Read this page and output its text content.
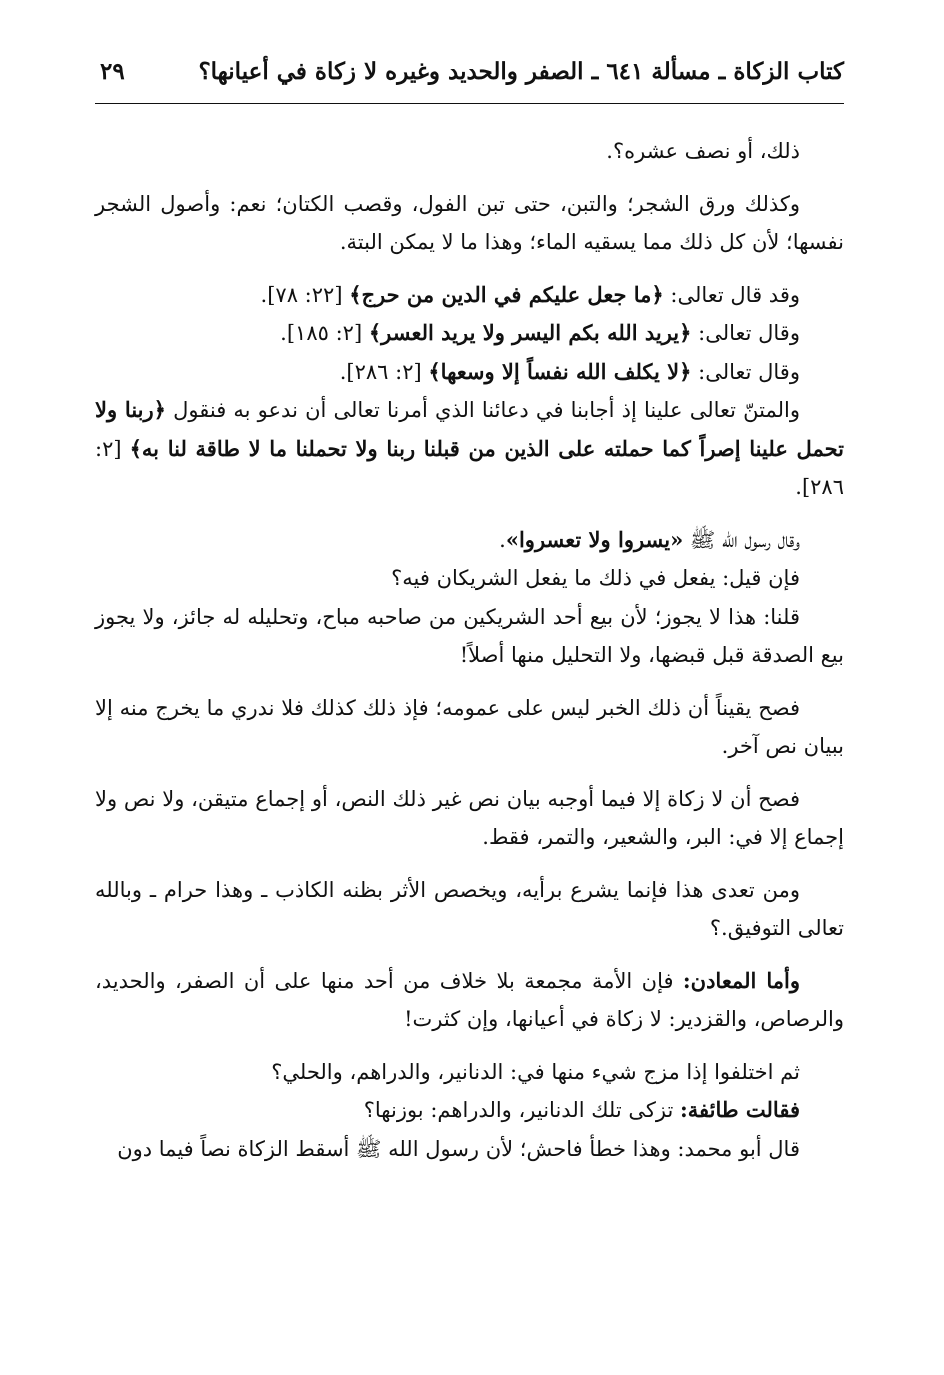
كتاب الزكاة ـ مسألة ٦٤١ ـ الصفر والحديد وغيره لا زكاة في أعيانها؟
٢٩

ذلك، أو نصف عشره؟.

وكذلك ورق الشجر؛ والتبن، حتى تبن الفول، وقصب الكتان؛ نعم: وأصول الشجر نفسها؛ لأن كل ذلك مما يسقيه الماء؛ وهذا ما لا يمكن البتة.

وقد قال تعالى: ﴿ما جعل عليكم في الدين من حرج﴾ [٢٢: ٧٨].

وقال تعالى: ﴿يريد الله بكم اليسر ولا يريد العسر﴾ [٢: ١٨٥].

وقال تعالى: ﴿لا يكلف الله نفساً إلا وسعها﴾ [٢: ٢٨٦].

والمتنّ تعالى علينا إذ أجابنا في دعائنا الذي أمرنا تعالى أن ندعو به فنقول ﴿ربنا ولا تحمل علينا إصراً كما حملته على الذين من قبلنا ربنا ولا تحملنا ما لا طاقة لنا به﴾ [٢: ٢٨٦].

وقال رسول الله ﷺ «يسروا ولا تعسروا».

فإن قيل: يفعل في ذلك ما يفعل الشريكان فيه؟

قلنا: هذا لا يجوز؛ لأن بيع أحد الشريكين من صاحبه مباح، وتحليله له جائز، ولا يجوز بيع الصدقة قبل قبضها، ولا التحليل منها أصلاً!

فصح يقيناً أن ذلك الخبر ليس على عمومه؛ فإذ ذلك كذلك فلا ندري ما يخرج منه إلا ببيان نص آخر.

فصح أن لا زكاة إلا فيما أوجبه بيان نص غير ذلك النص، أو إجماع متيقن، ولا نص ولا إجماع إلا في: البر، والشعير، والتمر، فقط.

ومن تعدى هذا فإنما يشرع برأيه، ويخصص الأثر بظنه الكاذب ـ وهذا حرام ـ وبالله تعالى التوفيق.؟

وأما المعادن: فإن الأمة مجمعة بلا خلاف من أحد منها على أن الصفر، والحديد، والرصاص، والقزدير: لا زكاة في أعيانها، وإن كثرت!

ثم اختلفوا إذا مزج شيء منها في: الدنانير، والدراهم، والحلي؟

فقالت طائفة: تزكى تلك الدنانير، والدراهم: بوزنها؟

قال أبو محمد: وهذا خطأ فاحش؛ لأن رسول الله ﷺ أسقط الزكاة نصاً فيما دون
